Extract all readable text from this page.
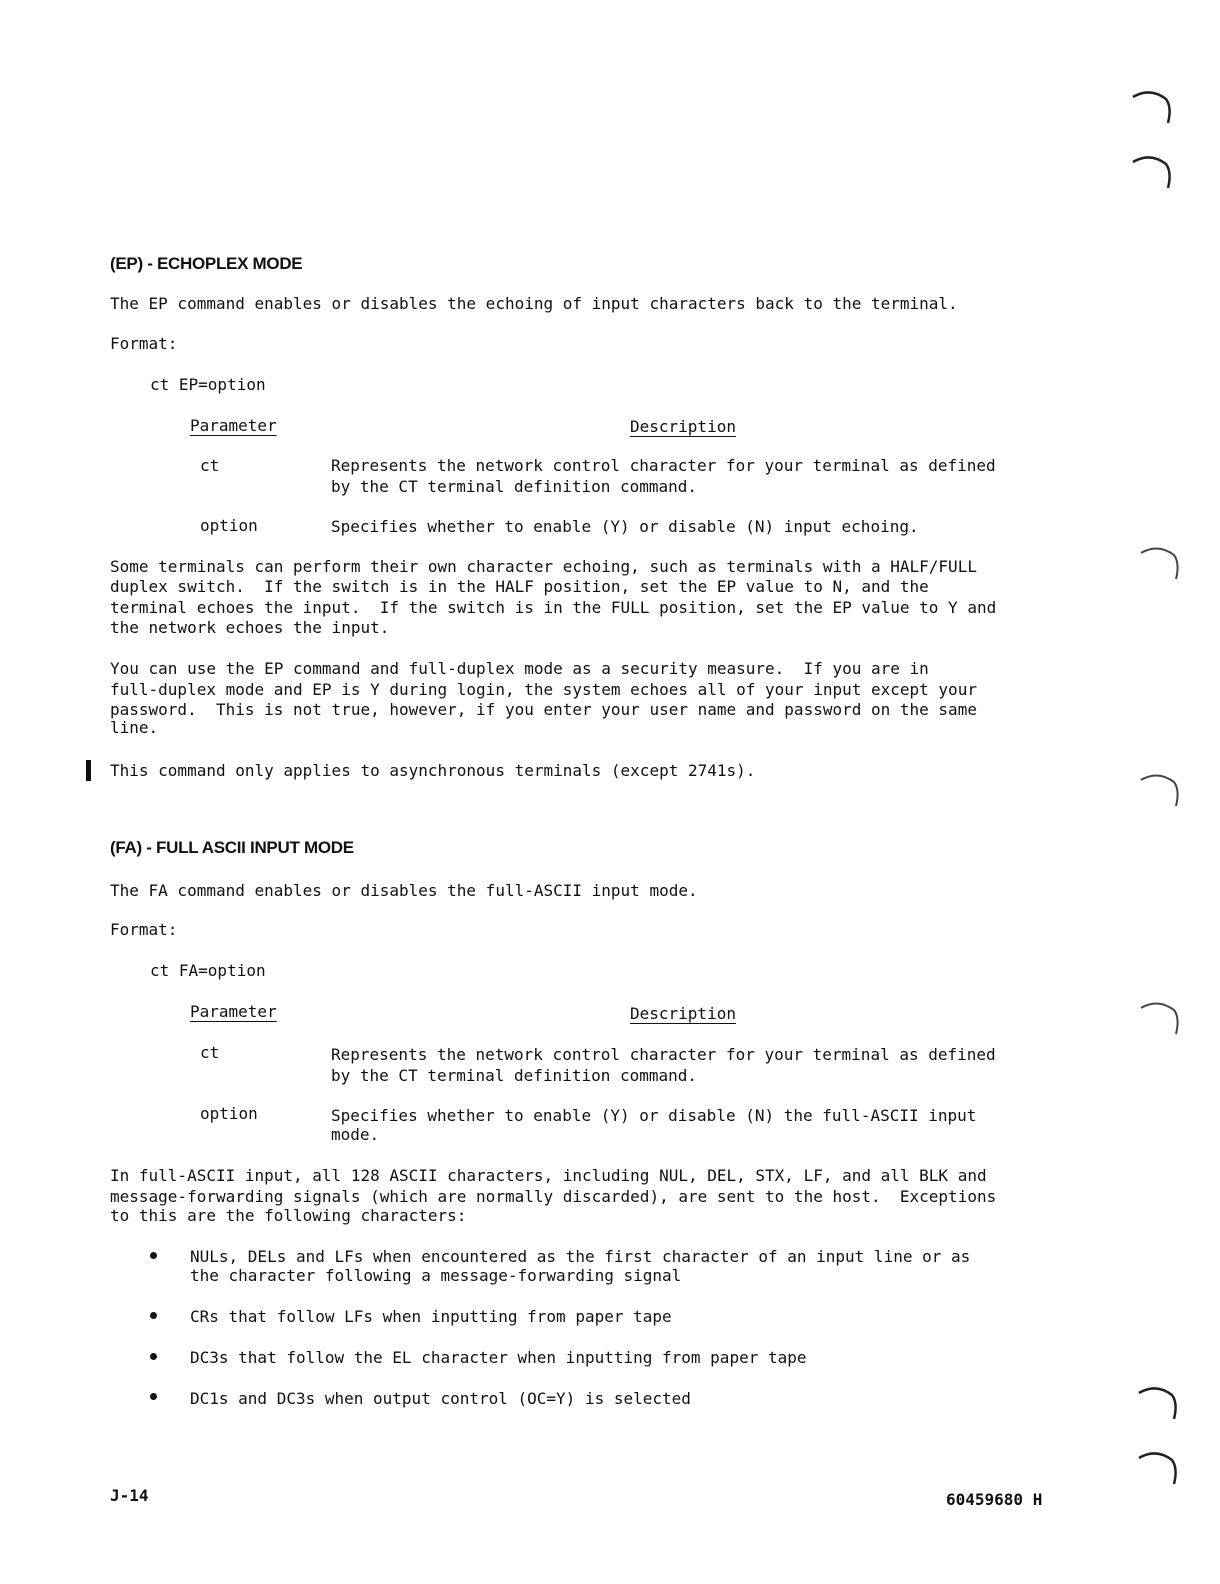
(EP) - ECHOPLEX MODE
The EP command enables or disables the echoing of input characters back to the terminal.
Format:
ct EP=option
Parameter	Description
ct	Represents the network control character for your terminal as defined
by the CT terminal definition command.
option	Specifies whether to enable (Y) or disable (N) input echoing.
Some terminals can perform their own character echoing, such as terminals with a HALF/FULL
duplex switch.  If the switch is in the HALF position, set the EP value to N, and the
terminal echoes the input.  If the switch is in the FULL position, set the EP value to Y and
the network echoes the input.
You can use the EP command and full-duplex mode as a security measure.  If you are in
full-duplex mode and EP is Y during login, the system echoes all of your input except your
password.  This is not true, however, if you enter your user name and password on the same
line.
This command only applies to asynchronous terminals (except 2741s).
(FA) - FULL ASCII INPUT MODE
The FA command enables or disables the full-ASCII input mode.
Format:
ct FA=option
Parameter	Description
ct	Represents the network control character for your terminal as defined
by the CT terminal definition command.
option	Specifies whether to enable (Y) or disable (N) the full-ASCII input
mode.
In full-ASCII input, all 128 ASCII characters, including NUL, DEL, STX, LF, and all BLK and
message-forwarding signals (which are normally discarded), are sent to the host.  Exceptions
to this are the following characters:
NULs, DELs and LFs when encountered as the first character of an input line or as
the character following a message-forwarding signal
CRs that follow LFs when inputting from paper tape
DC3s that follow the EL character when inputting from paper tape
DC1s and DC3s when output control (OC=Y) is selected
J-14	60459680 H
